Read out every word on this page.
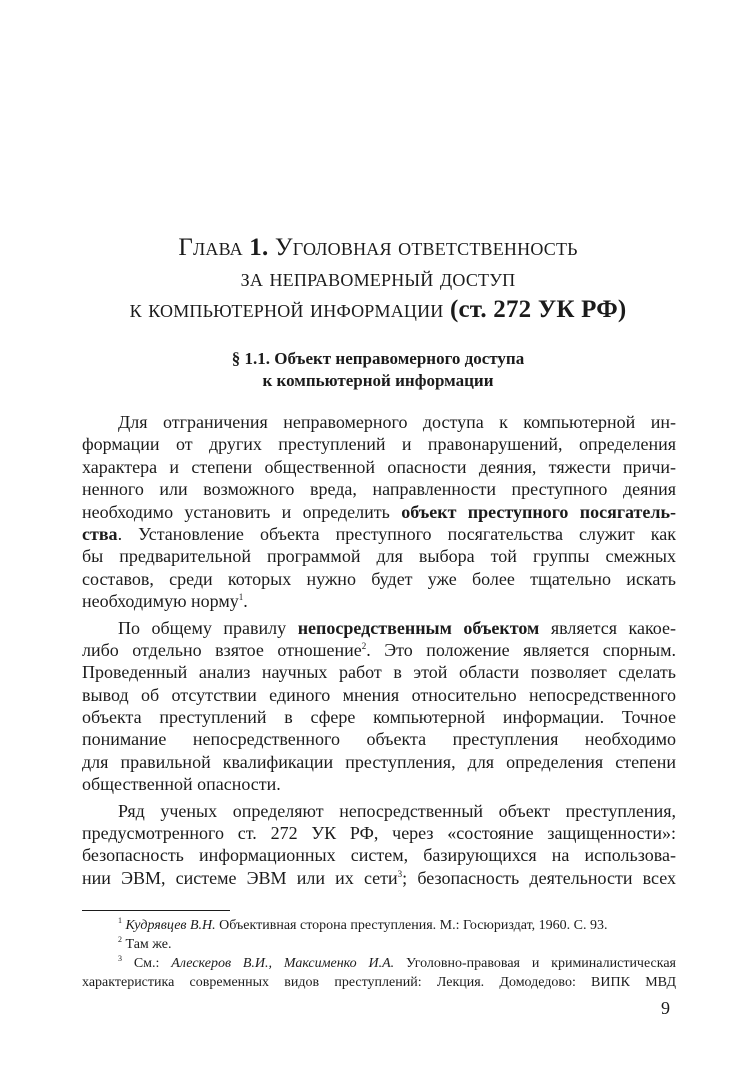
Глава 1. Уголовная ответственность
за неправомерный доступ
к компьютерной информации (ст. 272 УК РФ)
§ 1.1. Объект неправомерного доступа
к компьютерной информации
Для отграничения неправомерного доступа к компьютерной ин-
формации от других преступлений и правонарушений, определения
характера и степени общественной опасности деяния, тяжести причи-
ненного или возможного вреда, направленности преступного деяния
необходимо установить и определить объект преступного посягатель-
ства. Установление объекта преступного посягательства служит как
бы предварительной программой для выбора той группы смежных
составов, среди которых нужно будет уже более тщательно искать
необходимую норму$^1$.
По общему правилу непосредственным объектом является какое-
либо отдельно взятое отношение$^2$. Это положение является спорным.
Проведенный анализ научных работ в этой области позволяет сделать
вывод об отсутствии единого мнения относительно непосредственного
объекта преступлений в сфере компьютерной информации. Точное
понимание непосредственного объекта преступления необходимо
для правильной квалификации преступления, для определения степени
общественной опасности.
Ряд ученых определяют непосредственный объект преступления,
предусмотренного ст. 272 УК РФ, через «состояние защищенности»:
безопасность информационных систем, базирующихся на использова-
нии ЭВМ, системе ЭВМ или их сети$^3$; безопасность деятельности всех
$^1$ Кудрявцев В.Н. Объективная сторона преступления. М.: Госюриздат, 1960. С. 93.
$^2$ Там же.
$^3$ См.: Алескеров В.И., Максименко И.А. Уголовно-правовая и криминалистическая
характеристика современных видов преступлений: Лекция. Домодедово: ВИПК МВД
9
